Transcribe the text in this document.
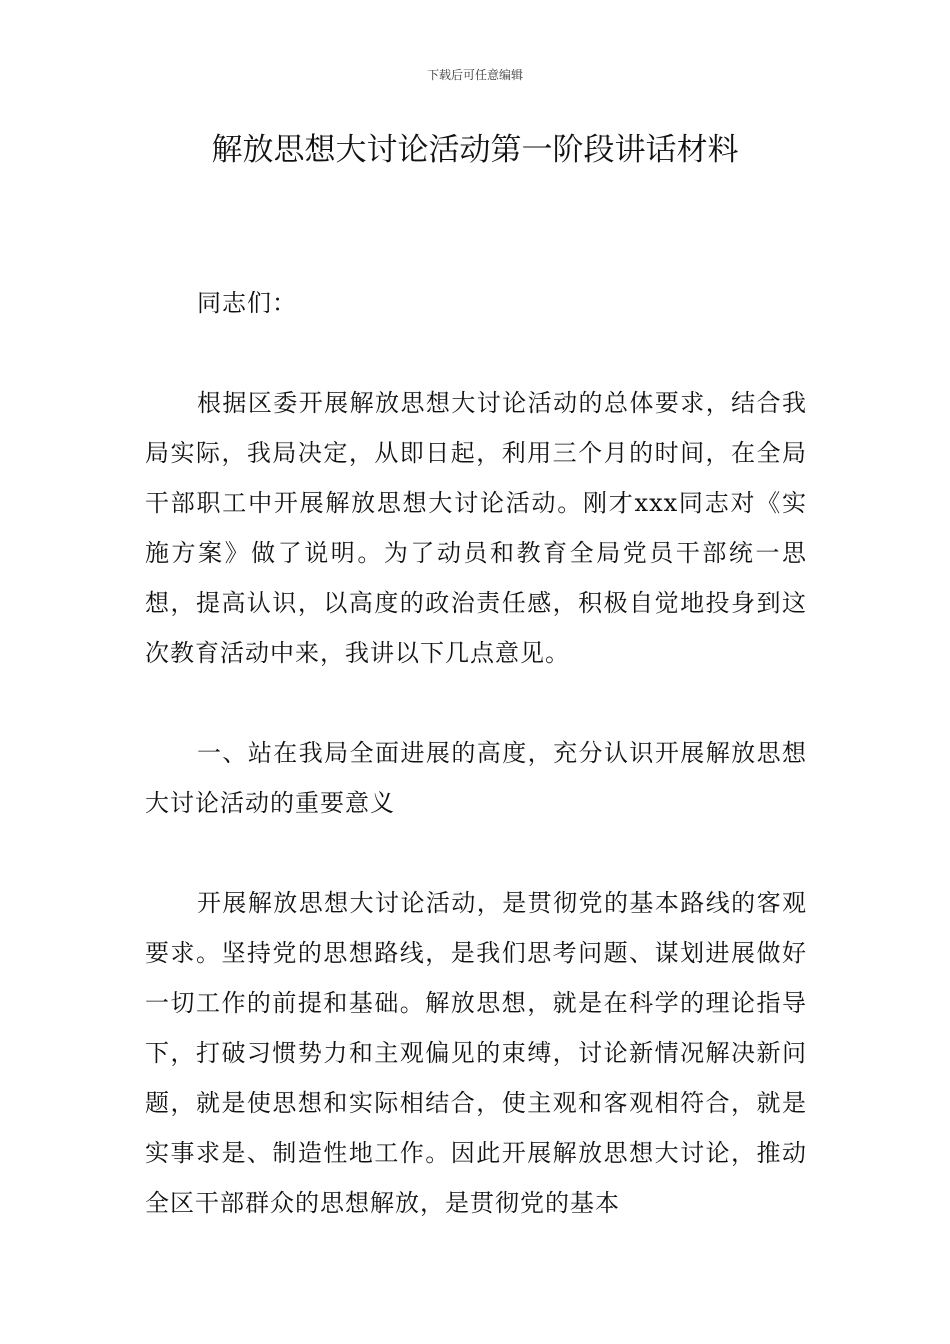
下载后可任意编辑
解放思想大讨论活动第一阶段讲话材料

同志们：

根据区委开展解放思想大讨论活动的总体要求，结合我局实际，我局决定，从即日起，利用三个月的时间，在全局干部职工中开展解放思想大讨论活动。刚才xxx同志对《实施方案》做了说明。为了动员和教育全局党员干部统一思想，提高认识，以高度的政治责任感，积极自觉地投身到这次教育活动中来，我讲以下几点意见。

一、站在我局全面进展的高度，充分认识开展解放思想大讨论活动的重要意义

开展解放思想大讨论活动，是贯彻党的基本路线的客观要求。坚持党的思想路线，是我们思考问题、谋划进展做好一切工作的前提和基础。解放思想，就是在科学的理论指导下，打破习惯势力和主观偏见的束缚，讨论新情况解决新问题，就是使思想和实际相结合，使主观和客观相符合，就是实事求是、制造性地工作。因此开展解放思想大讨论，推动全区干部群众的思想解放，是贯彻党的基本
